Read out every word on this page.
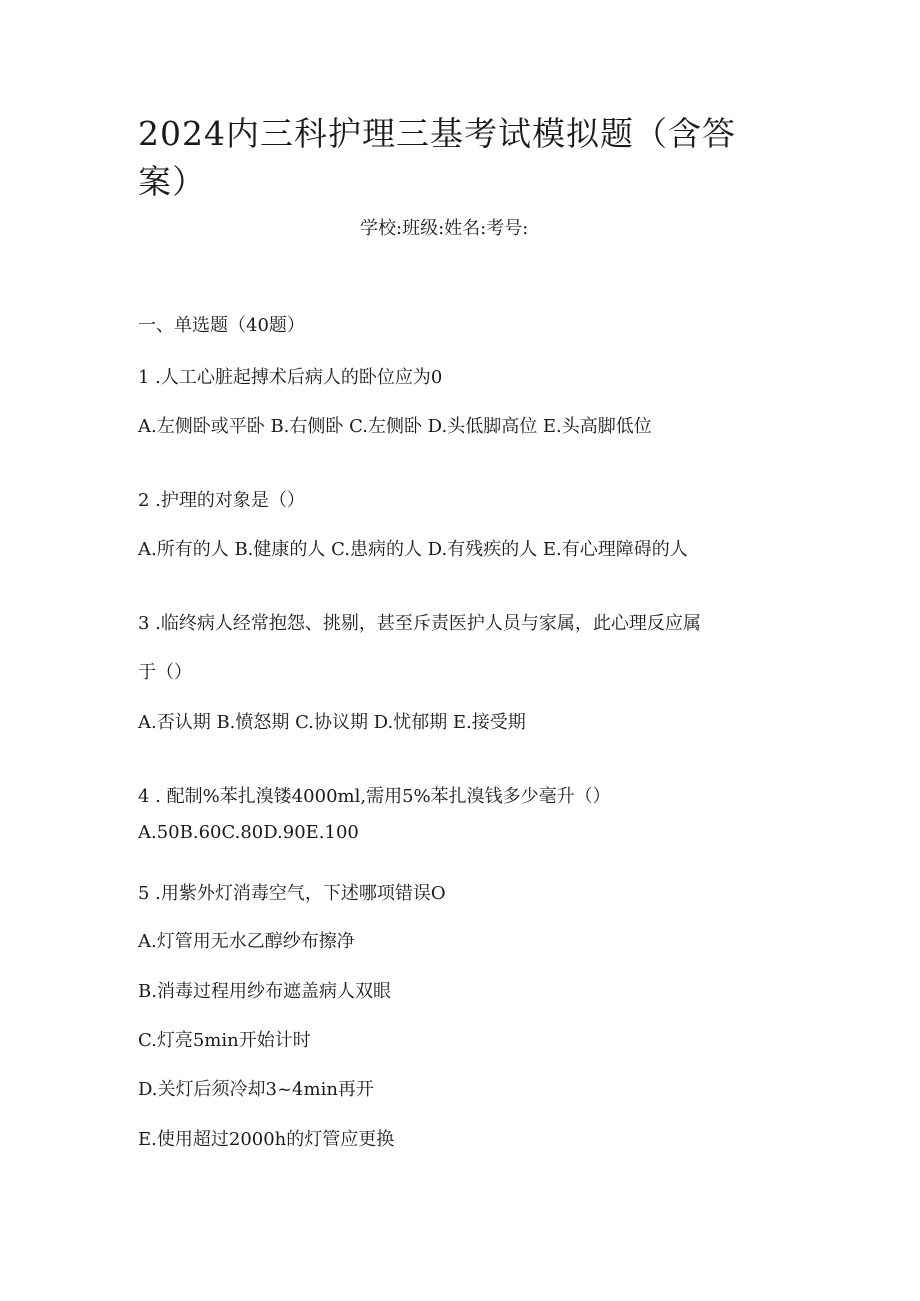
2024内三科护理三基考试模拟题（含答案）
学校:班级:姓名:考号:
一、单选题（40题）
1 .人工心脏起搏术后病人的卧位应为0
A.左侧卧或平卧 B.右侧卧 C.左侧卧 D.头低脚高位 E.头高脚低位
2 .护理的对象是（）
A.所有的人 B.健康的人 C.患病的人 D.有残疾的人 E.有心理障碍的人
3 .临终病人经常抱怨、挑剔，甚至斥责医护人员与家属，此心理反应属
于（）
A.否认期 B.愤怒期 C.协议期 D.忧郁期 E.接受期
4 . 配制%苯扎溴镂4000ml,需用5%苯扎溴钱多少毫升（）
A.50B.60C.80D.90E.100
5 .用紫外灯消毒空气，下述哪项错误O
A.灯管用无水乙醇纱布擦净
B.消毒过程用纱布遮盖病人双眼
C.灯亮5min开始计时
D.关灯后须冷却3~4min再开
E.使用超过2000h的灯管应更换
